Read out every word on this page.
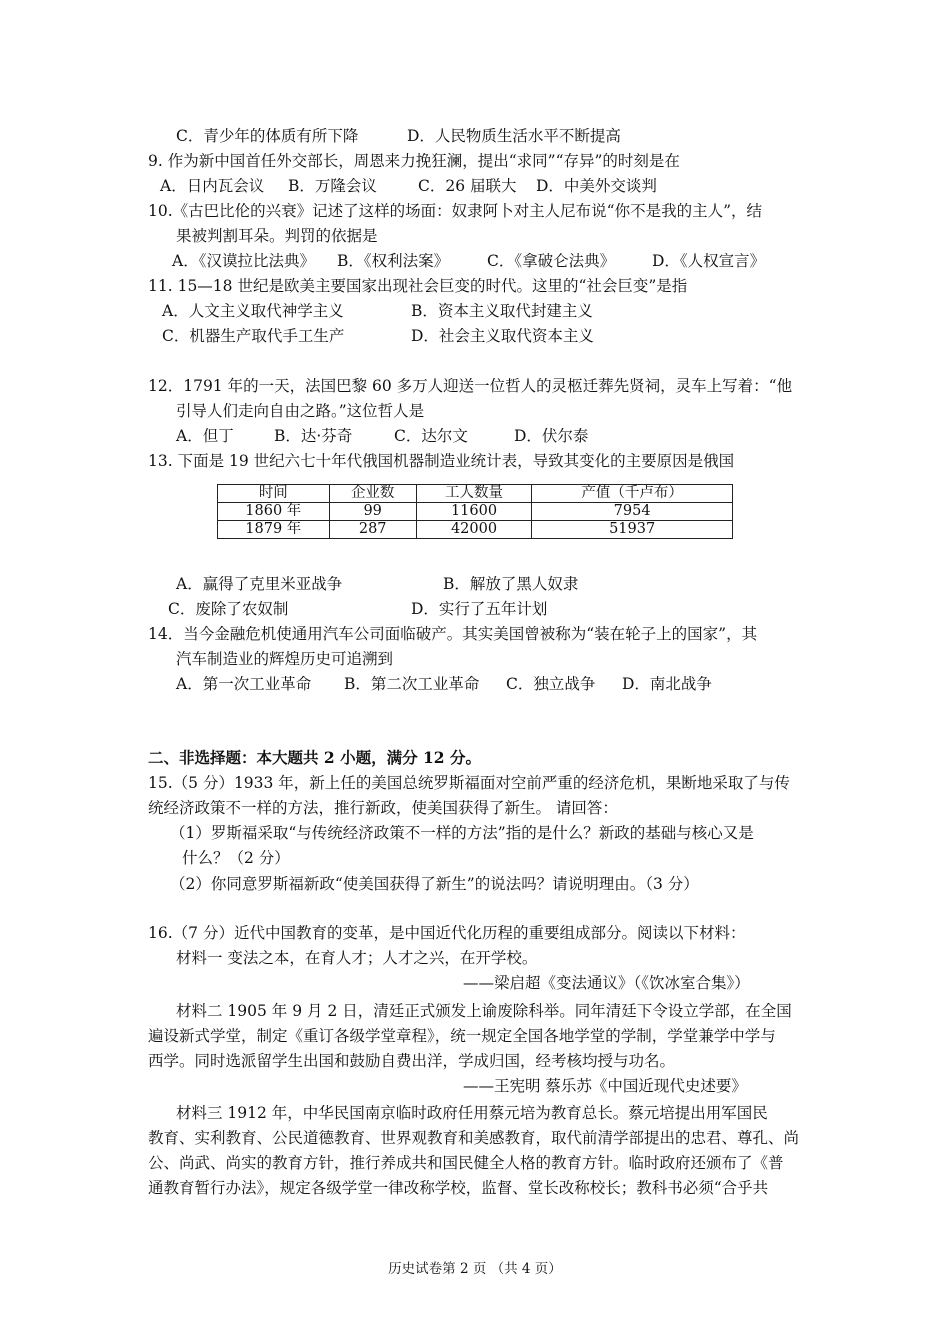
C．青少年的体质有所下降	D．人民物质生活水平不断提高
9. 作为新中国首任外交部长，周恩来力挽狂澜，提出“求同”“存异”的时刻是在
A．日内瓦会议 B．万隆会议	C．26 届联大 D．中美外交谈判
10.《古巴比伦的兴衰》记述了这样的场面：奴隶阿卜对主人尼布说“你不是我的主人”，结
果被判割耳朵。判罚的依据是
A．《汉谟拉比法典》 B．《权利法案》 C．《拿破仑法典》 D．《人权宣言》
11. 15—18 世纪是欧美主要国家出现社会巨变的时代。这里的“社会巨变”是指
A．人文主义取代神学主义	B．资本主义取代封建主义
C．机器生产取代手工生产	D．社会主义取代资本主义
12．1791 年的一天，法国巴黎 60 多万人迎送一位哲人的灵柩迁葬先贤祠，灵车上写着：“他
引导人们走向自由之路。”这位哲人是
A．但丁	B．达·芬奇	C．达尔文	D．伏尔泰
13. 下面是 19 世纪六七十年代俄国机器制造业统计表，导致其变化的主要原因是俄国
时间	企业数	工人数量	产值（千卢布）
1860 年	99	11600	7954
1879 年	287	42000	51937
A．赢得了克里米亚战争	B．解放了黑人奴隶
C．废除了农奴制	D．实行了五年计划
14．当今金融危机使通用汽车公司面临破产。其实美国曾被称为“装在轮子上的国家”，其
汽车制造业的辉煌历史可追溯到
A．第一次工业革命 B．第二次工业革命 C．独立战争 D．南北战争
二、非选择题：本大题共 2 小题，满分 12 分。
15.（5 分）1933 年，新上任的美国总统罗斯福面对空前严重的经济危机，果断地采取了与传
统经济政策不一样的方法，推行新政，使美国获得了新生。 请回答：
（1）罗斯福采取“与传统经济政策不一样的方法”指的是什么？新政的基础与核心又是
什么？（2 分）
（2）你同意罗斯福新政“使美国获得了新生”的说法吗？请说明理由。（3 分）
16.（7 分）近代中国教育的变革，是中国近代化历程的重要组成部分。阅读以下材料：
材料一 变法之本，在育人才；人才之兴，在开学校。
——梁启超《变法通议》（《饮冰室合集》）
材料二 1905 年 9 月 2 日，清廷正式颁发上谕废除科举。同年清廷下令设立学部，在全国
遍设新式学堂，制定《重订各级学堂章程》，统一规定全国各地学堂的学制，学堂兼学中学与
西学。同时选派留学生出国和鼓励自费出洋，学成归国，经考核均授与功名。
——王宪明 蔡乐苏《中国近现代史述要》
材料三 1912 年，中华民国南京临时政府任用蔡元培为教育总长。蔡元培提出用军国民
教育、实利教育、公民道德教育、世界观教育和美感教育，取代前清学部提出的忠君、尊孔、尚
公、尚武、尚实的教育方针，推行养成共和国民健全人格的教育方针。临时政府还颁布了《普
通教育暂行办法》，规定各级学堂一律改称学校，监督、堂长改称校长；教科书必须“合乎共
历史试卷第 2 页 （共 4 页）
